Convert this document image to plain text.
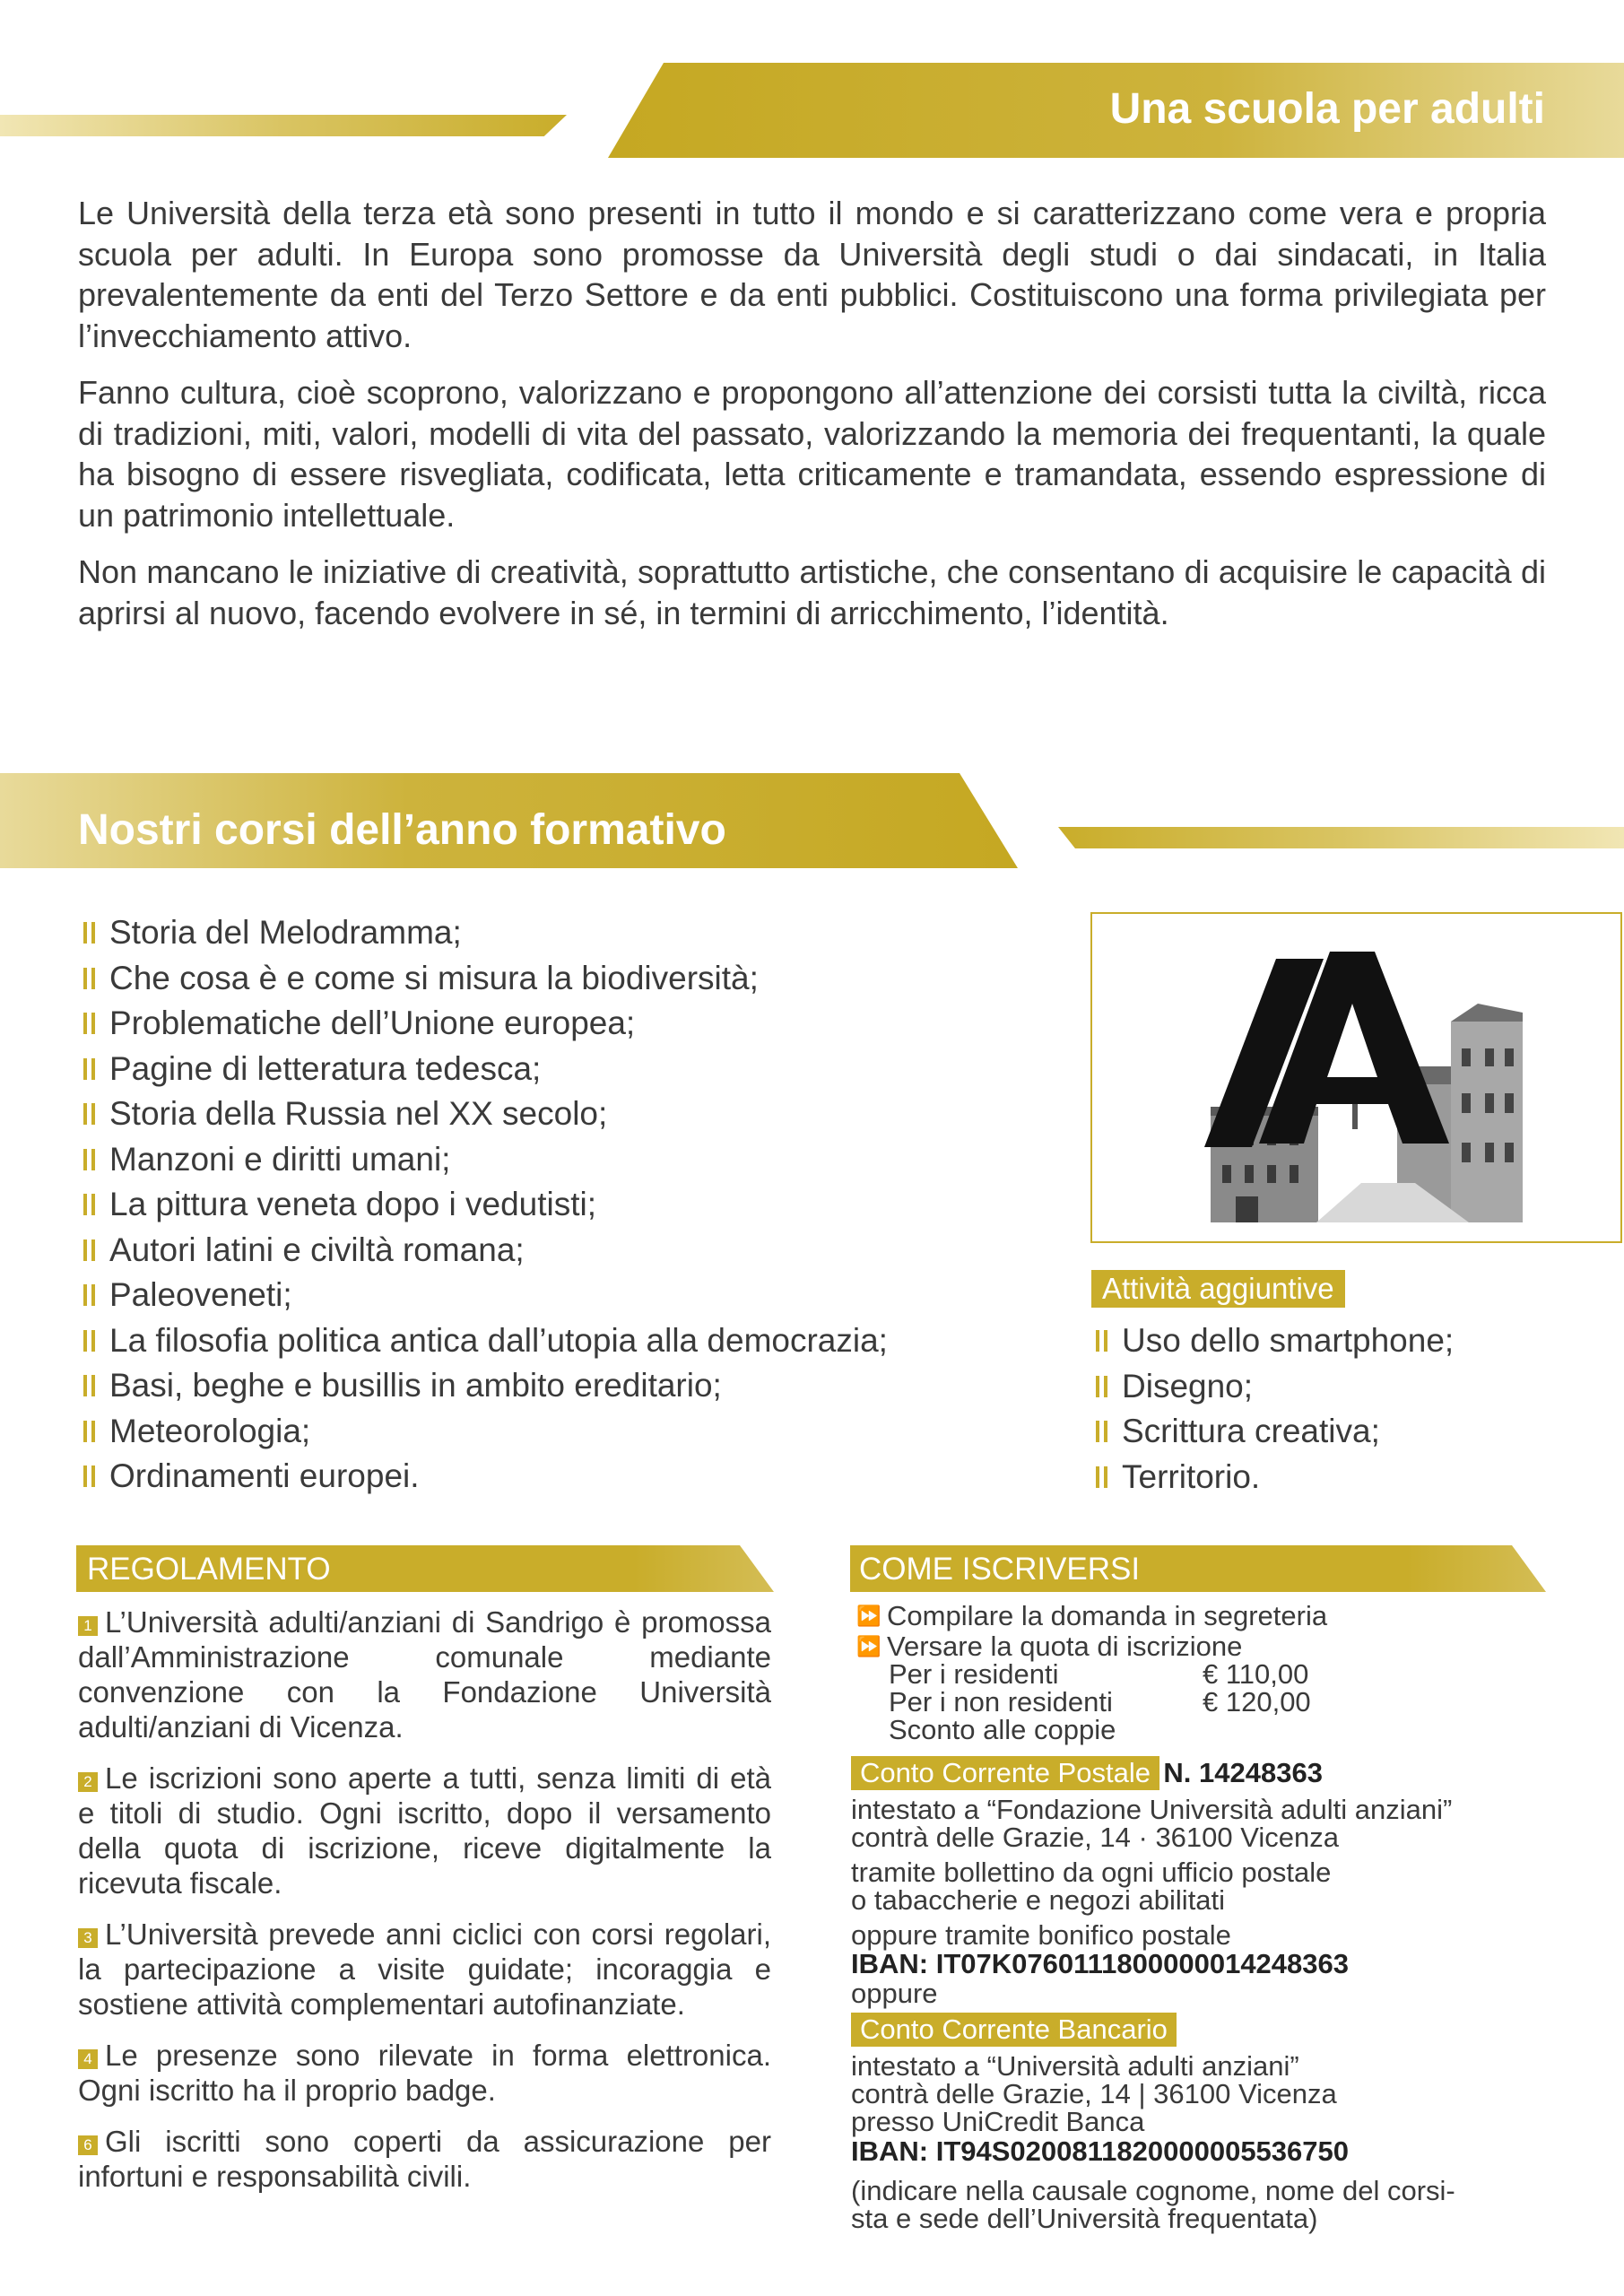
Una scuola per adulti

Le Università della terza età sono presenti in tutto il mondo e si caratterizzano come vera e propria scuola per adulti. In Europa sono promosse da Università degli studi o dai sindacati, in Italia prevalentemente da enti del Terzo Settore e da enti pubblici. Costituiscono una forma privilegiata per l’invecchiamento attivo.

Fanno cultura, cioè scoprono, valorizzano e propongono all’attenzione dei corsisti tutta la civiltà, ricca di tradizioni, miti, valori, modelli di vita del passato, valorizzando la memoria dei frequentanti, la quale ha bisogno di essere risvegliata, codificata, letta criticamente e tramandata, essendo espressione di un patrimonio intellettuale.

Non mancano le iniziative di creatività, soprattutto artistiche, che consentano di acquisire le capacità di aprirsi al nuovo, facendo evolvere in sé, in termini di arricchimento, l’identità.

Nostri corsi dell’anno formativo
Storia del Melodramma;
Che cosa è e come si misura la biodiversità;
Problematiche dell’Unione europea;
Pagine di letteratura tedesca;
Storia della Russia nel XX secolo;
Manzoni e diritti umani;
La pittura veneta dopo i vedutisti;
Autori latini e civiltà romana;
Paleoveneti;
La filosofia politica antica dall’utopia alla democrazia;
Basi, beghe e busillis in ambito ereditario;
Meteorologia;
Ordinamenti europei.
Attività aggiuntive
Uso dello smartphone;
Disegno;
Scrittura creativa;
Territorio.
REGOLAMENTO

1 L’Università adulti/anziani di Sandrigo è promossa dall’Amministrazione comunale mediante convenzione con la Fondazione Università adulti/anziani di Vicenza.

2 Le iscrizioni sono aperte a tutti, senza limiti di età e titoli di studio. Ogni iscritto, dopo il versamento della quota di iscrizione, riceve digitalmente la ricevuta fiscale.

3 L’Università prevede anni ciclici con corsi regolari, la partecipazione a visite guidate; incoraggia e sostiene attività complementari autofinanziate.

4 Le presenze sono rilevate in forma elettronica. Ogni iscritto ha il proprio badge.

6 Gli iscritti sono coperti da assicurazione per infortuni e responsabilità civili.

COME ISCRIVERSI

⏩ Compilare la domanda in segreteria

⏩ Versare la quota di iscrizione

Per i residenti	€ 110,00
Per i non residenti	€ 120,00

Sconto alle coppie

Conto Corrente Postale N. 14248363

intestato a “Fondazione Università adulti anziani”

contrà delle Grazie, 14 · 36100 Vicenza

tramite bollettino da ogni ufficio postale

o tabaccherie e negozi abilitati

oppure tramite bonifico postale

IBAN: IT07K0760111800000014248363

oppure

Conto Corrente Bancario

intestato a “Università adulti anziani”

contrà delle Grazie, 14 | 36100 Vicenza

presso UniCredit Banca

IBAN: IT94S0200811820000005536750

(indicare nella causale cognome, nome del corsi-

sta e sede dell’Università frequentata)
